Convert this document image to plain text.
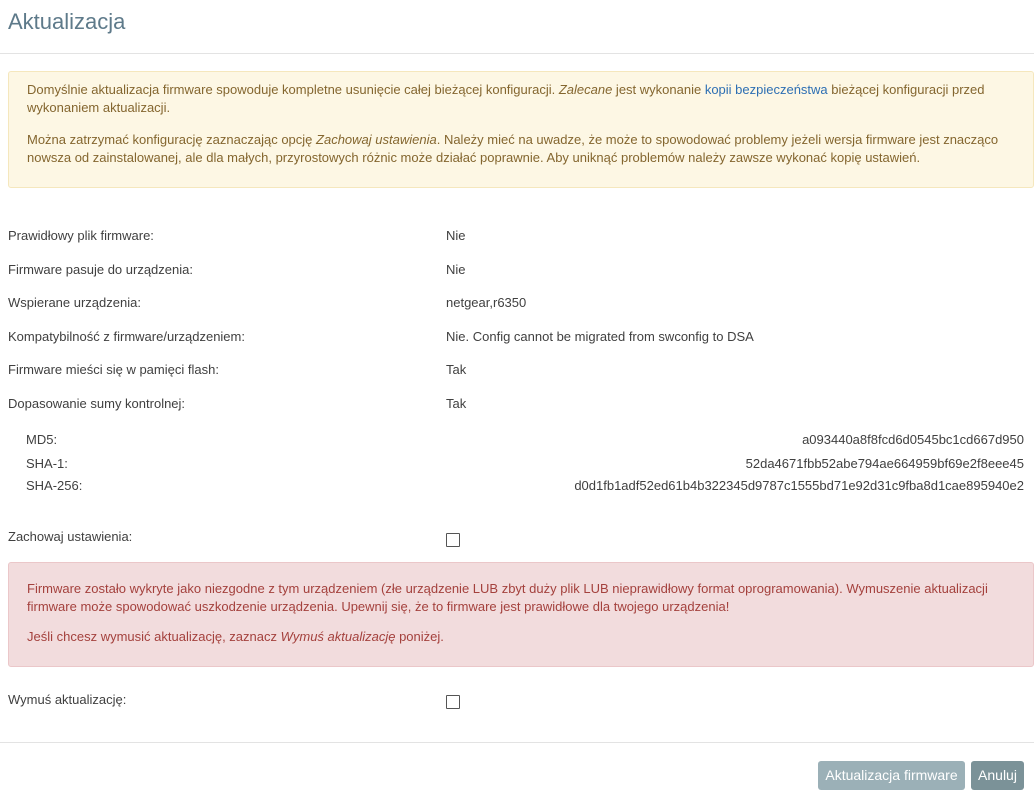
Aktualizacja

Domyślnie aktualizacja firmware spowoduje kompletne usunięcie całej bieżącej konfiguracji. Zalecane jest wykonanie kopii bezpieczeństwa bieżącej konfiguracji przed wykonaniem aktualizacji.

Można zatrzymać konfigurację zaznaczając opcję Zachowaj ustawienia. Należy mieć na uwadze, że może to spowodować problemy jeżeli wersja firmware jest znacząco nowsza od zainstalowanej, ale dla małych, przyrostowych różnic może działać poprawnie. Aby uniknąć problemów należy zawsze wykonać kopię ustawień.

Prawidłowy plik firmware:	Nie
Firmware pasuje do urządzenia:	Nie
Wspierane urządzenia:	netgear,r6350
Kompatybilność z firmware/urządzeniem:	Nie. Config cannot be migrated from swconfig to DSA
Firmware mieści się w pamięci flash:	Tak
Dopasowanie sumy kontrolnej:	Tak
MD5:	a093440a8f8fcd6d0545bc1cd667d950
SHA-1:	52da4671fbb52abe794ae664959bf69e2f8eee45
SHA-256:	d0d1fb1adf52ed61b4b322345d9787c1555bd71e92d31c9fba8d1cae895940e2
Zachowaj ustawienia:

Firmware zostało wykryte jako niezgodne z tym urządzeniem (złe urządzenie LUB zbyt duży plik LUB nieprawidłowy format oprogramowania). Wymuszenie aktualizacji firmware może spowodować uszkodzenie urządzenia. Upewnij się, że to firmware jest prawidłowe dla twojego urządzenia!

Jeśli chcesz wymusić aktualizację, zaznacz Wymuś aktualizację poniżej.

Wymuś aktualizację:
Aktualizacja firmware	Anuluj
